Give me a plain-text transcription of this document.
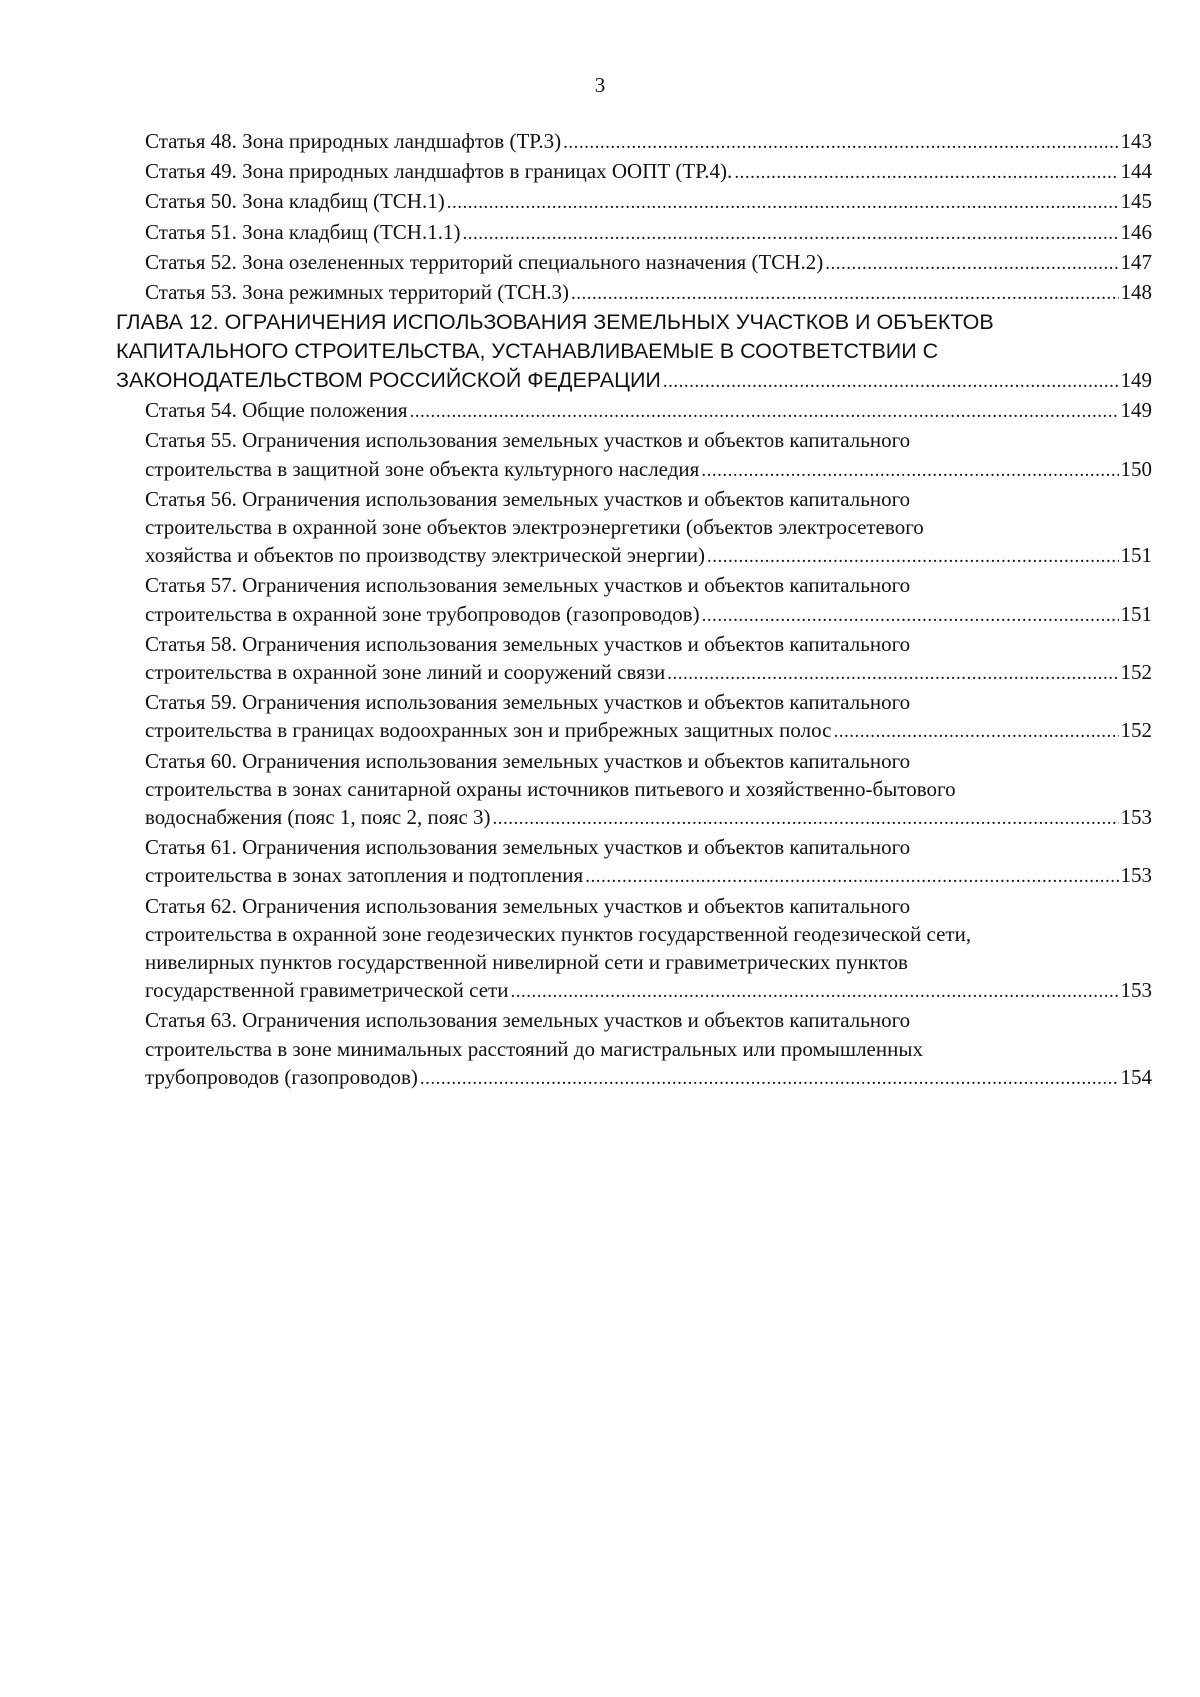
3
Статья 48. Зона природных ландшафтов (ТР.3) .....	143
Статья 49. Зона природных ландшафтов в границах ООПТ (ТР.4). .....	144
Статья 50. Зона кладбищ (ТСН.1) .....	145
Статья 51. Зона кладбищ (ТСН.1.1) .....	146
Статья 52. Зона озелененных территорий специального назначения (ТСН.2) .....	147
Статья 53. Зона режимных территорий (ТСН.3) .....	148
ГЛАВА 12. ОГРАНИЧЕНИЯ ИСПОЛЬЗОВАНИЯ ЗЕМЕЛЬНЫХ УЧАСТКОВ И ОБЪЕКТОВ
КАПИТАЛЬНОГО СТРОИТЕЛЬСТВА, УСТАНАВЛИВАЕМЫЕ В СООТВЕТСТВИИ С
ЗАКОНОДАТЕЛЬСТВОМ РОССИЙСКОЙ ФЕДЕРАЦИИ .....	149
Статья 54. Общие положения .....	149
Статья 55. Ограничения использования земельных участков и объектов капитального
строительства в защитной зоне объекта культурного наследия .....	150
Статья 56. Ограничения использования земельных участков и объектов капитального
строительства в охранной зоне объектов электроэнергетики (объектов электросетевого
хозяйства и объектов по производству электрической энергии) .....	151
Статья 57. Ограничения использования земельных участков и объектов капитального
строительства в охранной зоне трубопроводов (газопроводов) .....	151
Статья 58. Ограничения использования земельных участков и объектов капитального
строительства в охранной зоне линий и сооружений связи .....	152
Статья 59. Ограничения использования земельных участков и объектов капитального
строительства в границах водоохранных зон и прибрежных защитных полос .....	152
Статья 60. Ограничения использования земельных участков и объектов капитального
строительства в зонах санитарной охраны источников питьевого и хозяйственно-бытового
водоснабжения (пояс 1, пояс 2, пояс 3) .....	153
Статья 61. Ограничения использования земельных участков и объектов капитального
строительства в зонах затопления и подтопления .....	153
Статья 62. Ограничения использования земельных участков и объектов капитального
строительства в охранной зоне геодезических пунктов государственной геодезической сети,
нивелирных пунктов государственной нивелирной сети и гравиметрических пунктов
государственной гравиметрической сети .....	153
Статья 63. Ограничения использования земельных участков и объектов капитального
строительства в зоне минимальных расстояний до магистральных или промышленных
трубопроводов (газопроводов) .....	154
